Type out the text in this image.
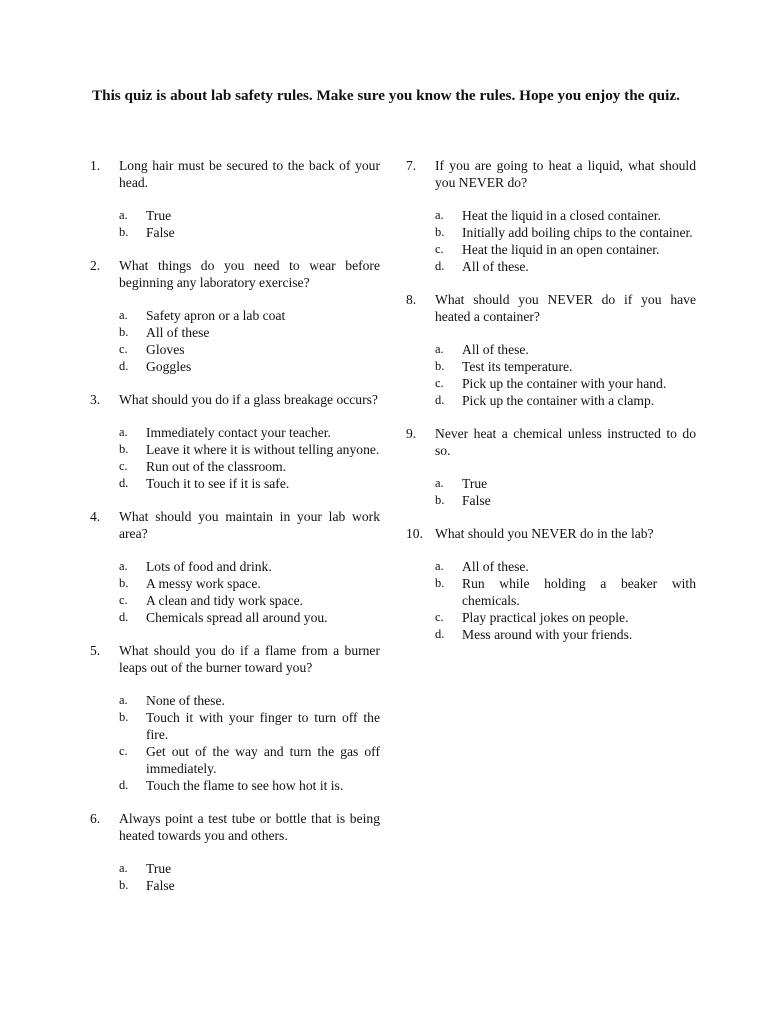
This quiz is about lab safety rules. Make sure you know the rules. Hope you enjoy the quiz.

1. Long hair must be secured to the back of your head.
a. True
b. False
2. What things do you need to wear before beginning any laboratory exercise?
a. Safety apron or a lab coat
b. All of these
c. Gloves
d. Goggles
3. What should you do if a glass breakage occurs?
a. Immediately contact your teacher.
b. Leave it where it is without telling anyone.
c. Run out of the classroom.
d. Touch it to see if it is safe.
4. What should you maintain in your lab work area?
a. Lots of food and drink.
b. A messy work space.
c. A clean and tidy work space.
d. Chemicals spread all around you.
5. What should you do if a flame from a burner leaps out of the burner toward you?
a. None of these.
b. Touch it with your finger to turn off the fire.
c. Get out of the way and turn the gas off immediately.
d. Touch the flame to see how hot it is.
6. Always point a test tube or bottle that is being heated towards you and others.
a. True
b. False
7. If you are going to heat a liquid, what should you NEVER do?
a. Heat the liquid in a closed container.
b. Initially add boiling chips to the container.
c. Heat the liquid in an open container.
d. All of these.
8. What should you NEVER do if you have heated a container?
a. All of these.
b. Test its temperature.
c. Pick up the container with your hand.
d. Pick up the container with a clamp.
9. Never heat a chemical unless instructed to do so.
a. True
b. False
10. What should you NEVER do in the lab?
a. All of these.
b. Run while holding a beaker with chemicals.
c. Play practical jokes on people.
d. Mess around with your friends.
